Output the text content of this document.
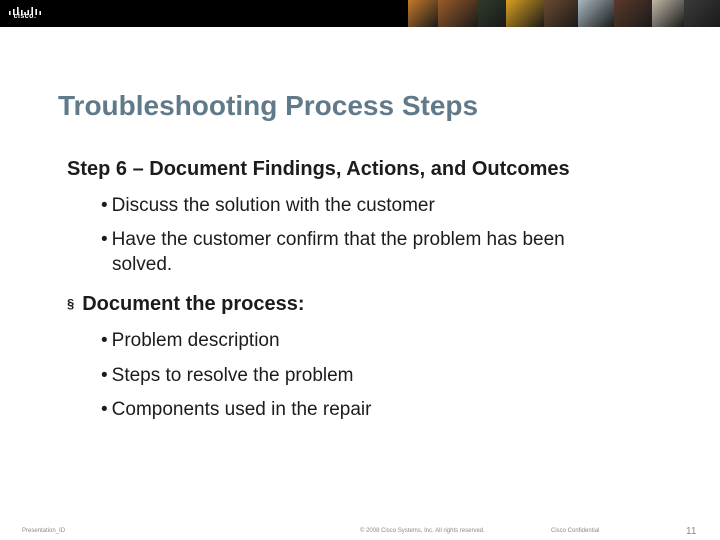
cisco.
Troubleshooting Process Steps
Step 6 – Document Findings, Actions, and Outcomes
• Discuss the solution with the customer
• Have the customer confirm that the problem has been
solved.
§ Document the process:
• Problem description
• Steps to resolve the problem
• Components used in the repair
Presentation_ID	© 2008 Cisco Systems, Inc. All rights reserved.	Cisco Confidential	11
